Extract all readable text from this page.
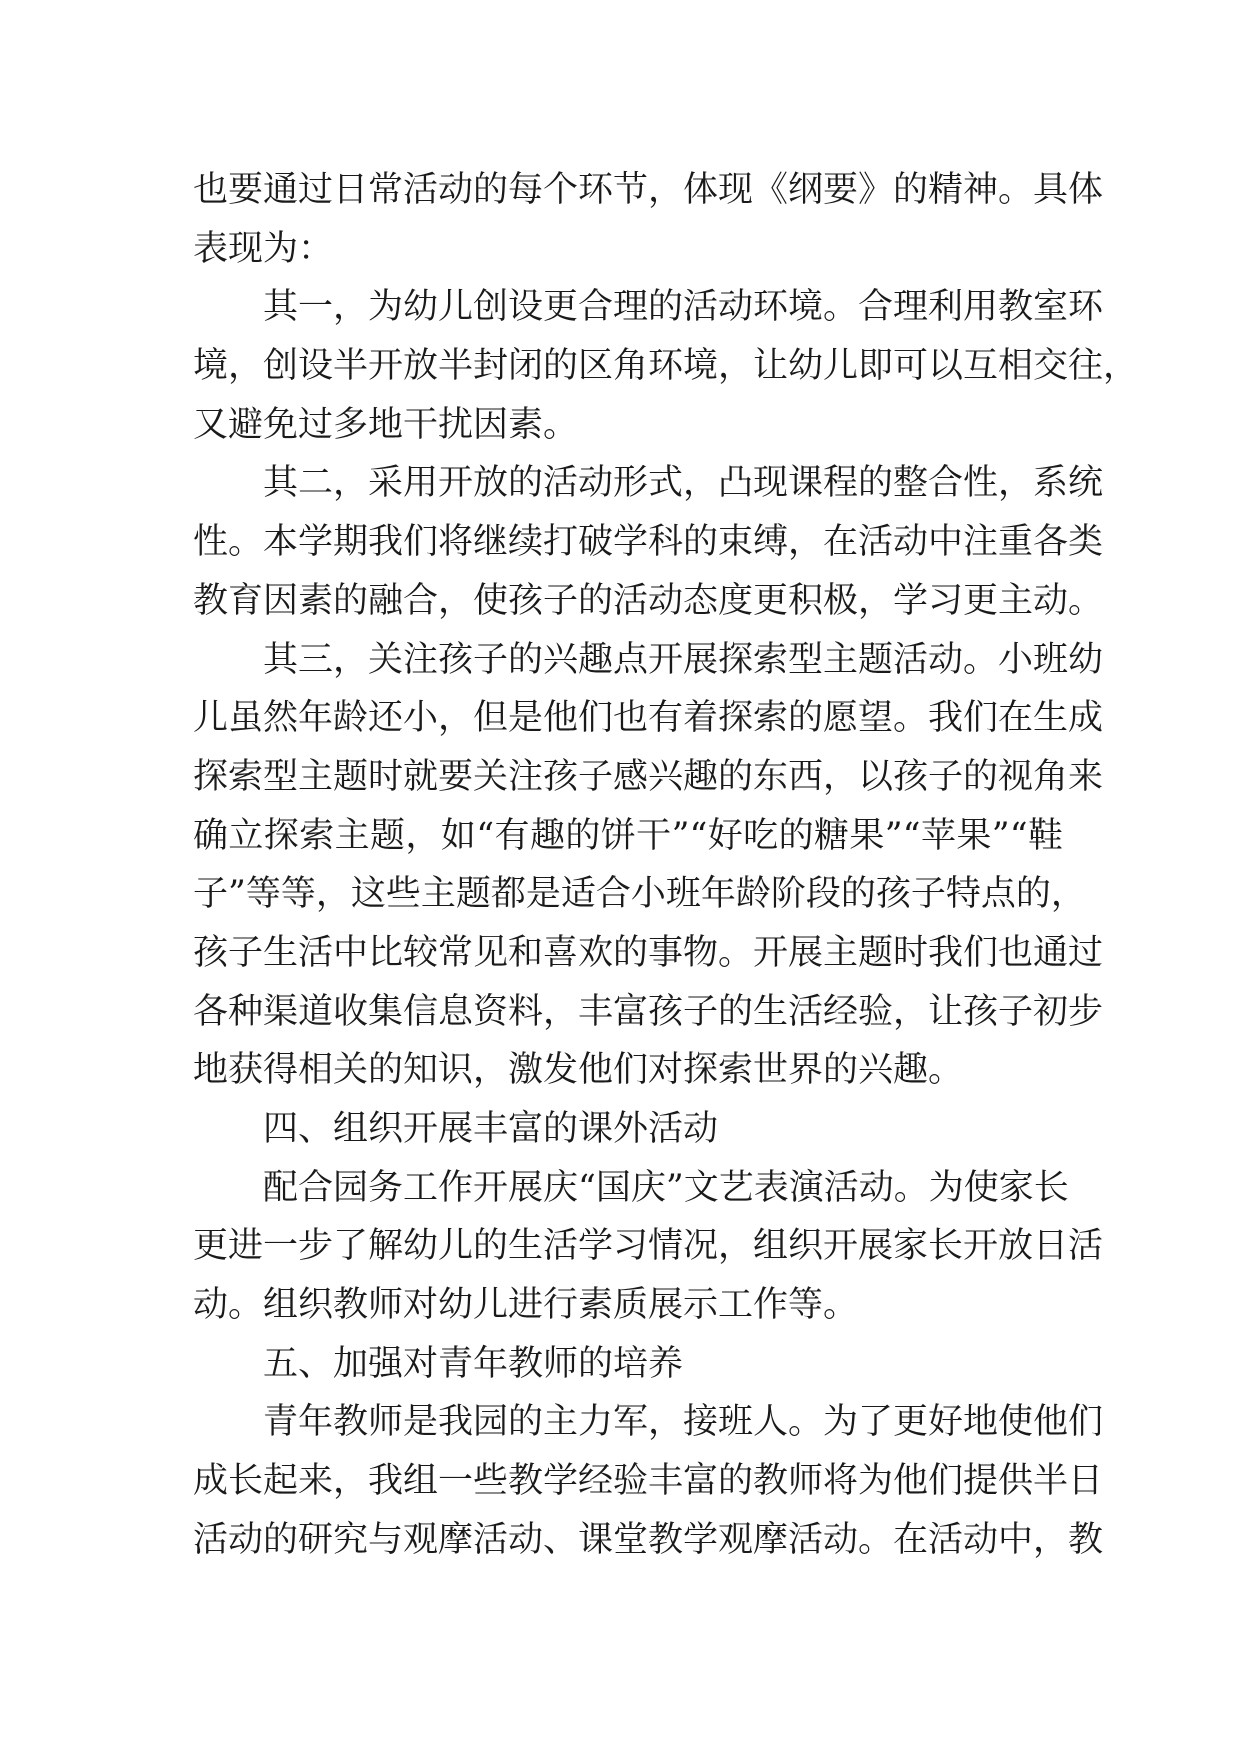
也要通过日常活动的每个环节，体现《纲要》的精神。具体
表现为：
其一，为幼儿创设更合理的活动环境。合理利用教室环
境，创设半开放半封闭的区角环境，让幼儿即可以互相交往，
又避免过多地干扰因素。
其二，采用开放的活动形式，凸现课程的整合性，系统
性。本学期我们将继续打破学科的束缚，在活动中注重各类
教育因素的融合，使孩子的活动态度更积极，学习更主动。
其三，关注孩子的兴趣点开展探索型主题活动。小班幼
儿虽然年龄还小，但是他们也有着探索的愿望。我们在生成
探索型主题时就要关注孩子感兴趣的东西，以孩子的视角来
确立探索主题，如“有趣的饼干”“好吃的糖果”“苹果”“鞋
子”等等，这些主题都是适合小班年龄阶段的孩子特点的，
孩子生活中比较常见和喜欢的事物。开展主题时我们也通过
各种渠道收集信息资料，丰富孩子的生活经验，让孩子初步
地获得相关的知识，激发他们对探索世界的兴趣。
四、组织开展丰富的课外活动
配合园务工作开展庆“国庆”文艺表演活动。为使家长
更进一步了解幼儿的生活学习情况，组织开展家长开放日活
动。组织教师对幼儿进行素质展示工作等。
五、加强对青年教师的培养
青年教师是我园的主力军，接班人。为了更好地使他们
成长起来，我组一些教学经验丰富的教师将为他们提供半日
活动的研究与观摩活动、课堂教学观摩活动。在活动中，教
